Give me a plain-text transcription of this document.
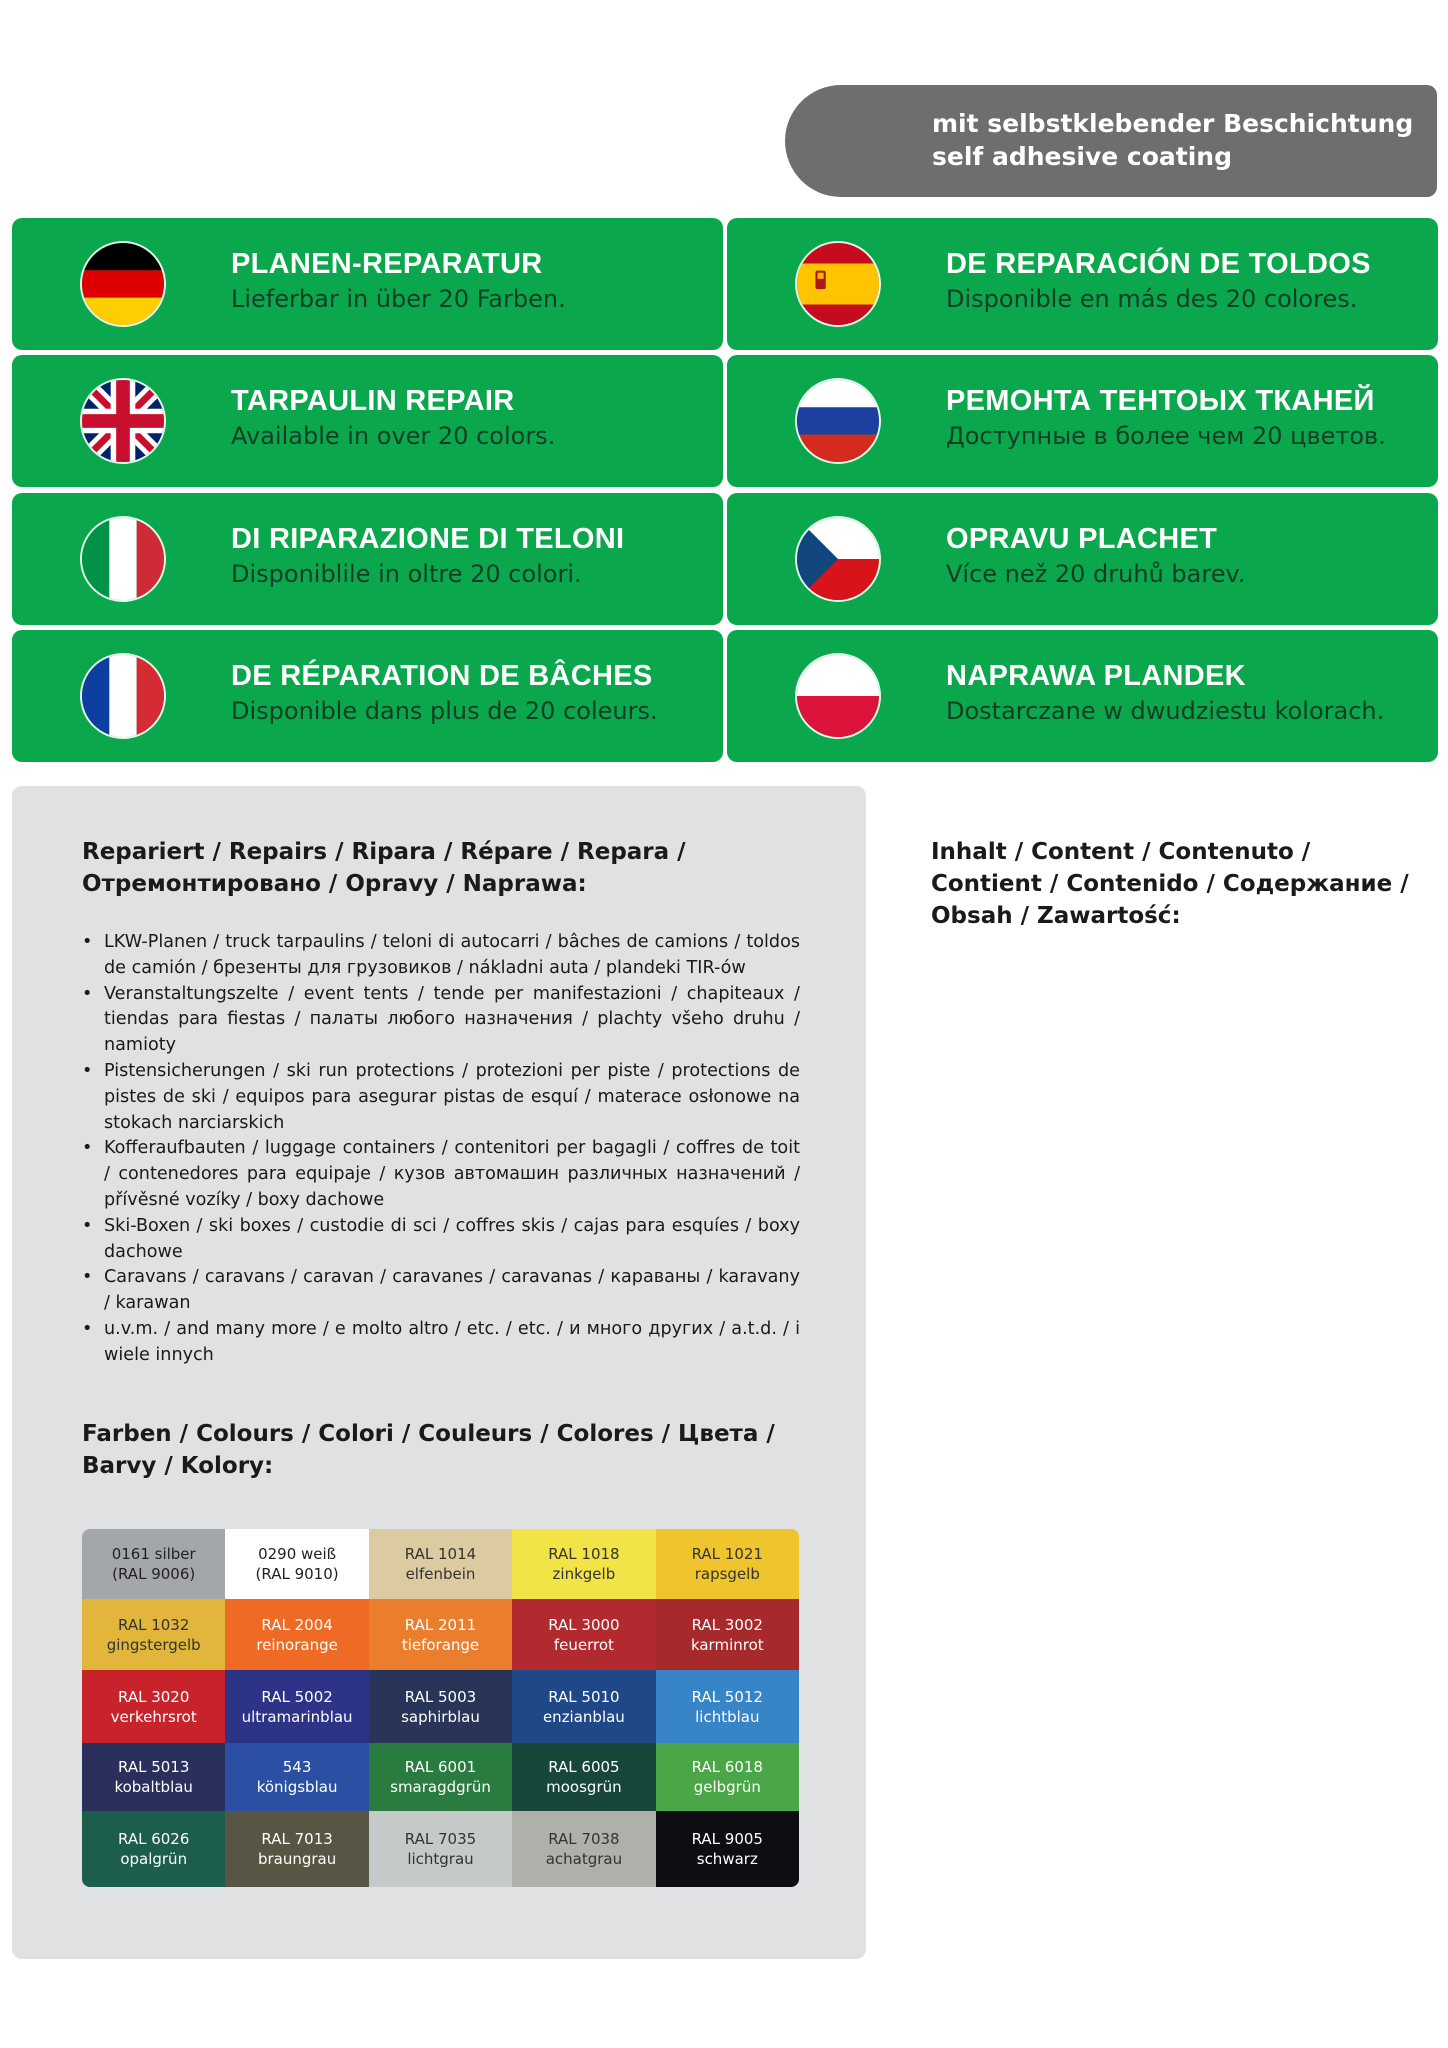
mit selbstklebender Beschichtung
self adhesive coating
PLANEN-REPARATUR
Lieferbar in über 20 Farben.
DE REPARACIÓN DE TOLDOS
Disponible en más des 20 colores.
TARPAULIN REPAIR
Available in over 20 colors.
РЕМОНТА ТЕНТОЫХ ТКАНЕЙ
Доступные в более чем 20 цветов.
DI RIPARAZIONE DI TELONI
Disponiblile in oltre 20 colori.
OPRAVU PLACHET
Více než 20 druhů barev.
DE RÉPARATION DE BÂCHES
Disponible dans plus de 20 coleurs.
NAPRAWA PLANDEK
Dostarczane w dwudziestu kolorach.
Repariert / Repairs / Ripara / Répare / Repara /
Отремонтировано / Opravy / Naprawa:
• LKW-Planen / truck tarpaulins / teloni di autocarri / bâches de camions / toldos de camión / брезенты для грузовиков / nákladni auta / plandeki TIR-ów
• Veranstaltungszelte / event tents / tende per manifestazioni / chapiteaux / tiendas para fiestas / палаты любого назначения / plachty všeho druhu / namioty
• Pistensicherungen / ski run protections / protezioni per piste / protections de pistes de ski / equipos para asegurar pistas de esquí / materace osłonowe na stokach narciarskich
• Kofferaufbauten / luggage containers / contenitori per bagagli / coffres de toit / contenedores para equipaje / кузов автомашин различных назначений / přívěsné vozíky / boxy dachowe
• Ski-Boxen / ski boxes / custodie di sci / coffres skis / cajas para esquíes / boxy dachowe
• Caravans / caravans / caravan / caravanes / caravanas / караваны / karavany / karawan
• u.v.m. / and many more / e molto altro / etc. / etc. / и много других / a.t.d. / i wiele innych
Farben / Colours / Colori / Couleurs / Colores / Цвета /
Barvy / Kolory:
0161 silber
(RAL 9006)
0290 weiß
(RAL 9010)
RAL 1014
elfenbein
RAL 1018
zinkgelb
RAL 1021
rapsgelb
RAL 1032
gingstergelb
RAL 2004
reinorange
RAL 2011
tieforange
RAL 3000
feuerrot
RAL 3002
karminrot
RAL 3020
verkehrsrot
RAL 5002
ultramarinblau
RAL 5003
saphirblau
RAL 5010
enzianblau
RAL 5012
lichtblau
RAL 5013
kobaltblau
543
königsblau
RAL 6001
smaragdgrün
RAL 6005
moosgrün
RAL 6018
gelbgrün
RAL 6026
opalgrün
RAL 7013
braungrau
RAL 7035
lichtgrau
RAL 7038
achatgrau
RAL 9005
schwarz
Inhalt / Content / Contenuto /
Contient / Contenido / Содержание /
Obsah / Zawartość:
